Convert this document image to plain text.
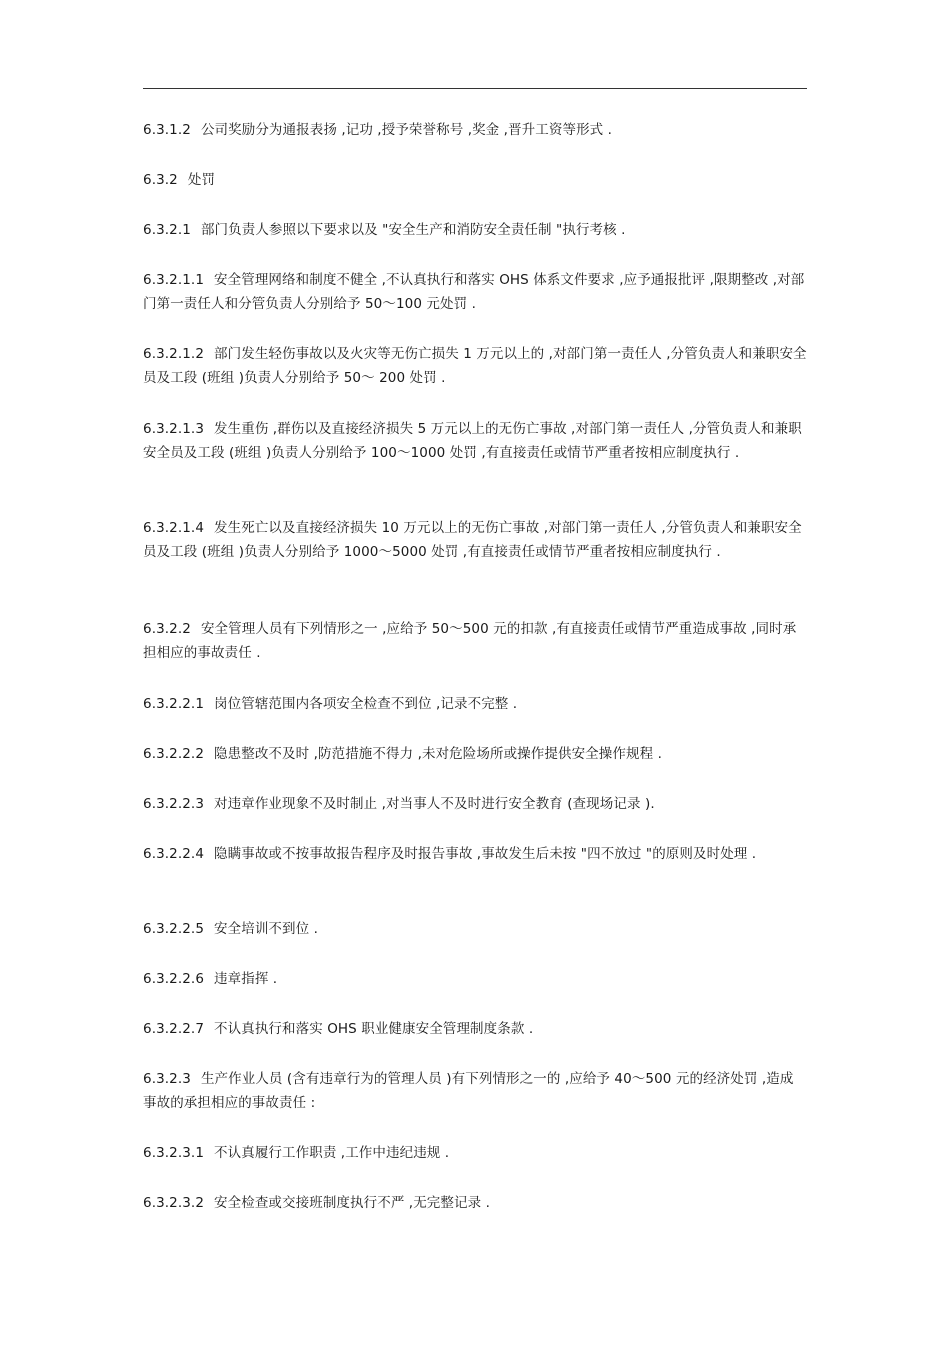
6.3.1.2 公司奖励分为通报表扬 ,记功 ,授予荣誉称号 ,奖金 ,晋升工资等形式 .
6.3.2 处罚
6.3.2.1 部门负责人参照以下要求以及 "安全生产和消防安全责任制 "执行考核 .
6.3.2.1.1 安全管理网络和制度不健全 ,不认真执行和落实 OHS 体系文件要求 ,应予通报批评 ,限期整改 ,对部门第一责任人和分管负责人分别给予 50～100 元处罚 .
6.3.2.1.2 部门发生轻伤事故以及火灾等无伤亡损失 1 万元以上的 ,对部门第一责任人 ,分管负责人和兼职安全员及工段 (班组 )负责人分别给予 50～ 200 处罚 .
6.3.2.1.3 发生重伤 ,群伤以及直接经济损失 5 万元以上的无伤亡事故 ,对部门第一责任人 ,分管负责人和兼职安全员及工段 (班组 )负责人分别给予 100～1000 处罚 ,有直接责任或情节严重者按相应制度执行 .
6.3.2.1.4 发生死亡以及直接经济损失 10 万元以上的无伤亡事故 ,对部门第一责任人 ,分管负责人和兼职安全员及工段 (班组 )负责人分别给予 1000～5000 处罚 ,有直接责任或情节严重者按相应制度执行 .
6.3.2.2 安全管理人员有下列情形之一 ,应给予 50～500 元的扣款 ,有直接责任或情节严重造成事故 ,同时承担相应的事故责任 .
6.3.2.2.1 岗位管辖范围内各项安全检查不到位 ,记录不完整 .
6.3.2.2.2 隐患整改不及时 ,防范措施不得力 ,未对危险场所或操作提供安全操作规程 .
6.3.2.2.3 对违章作业现象不及时制止 ,对当事人不及时进行安全教育 (查现场记录 ).
6.3.2.2.4 隐瞒事故或不按事故报告程序及时报告事故 ,事故发生后未按 "四不放过 "的原则及时处理 .
6.3.2.2.5 安全培训不到位 .
6.3.2.2.6 违章指挥 .
6.3.2.2.7 不认真执行和落实 OHS 职业健康安全管理制度条款 .
6.3.2.3 生产作业人员 (含有违章行为的管理人员 )有下列情形之一的 ,应给予 40～500 元的经济处罚 ,造成事故的承担相应的事故责任 :
6.3.2.3.1 不认真履行工作职责 ,工作中违纪违规 .
6.3.2.3.2 安全检查或交接班制度执行不严 ,无完整记录 .
